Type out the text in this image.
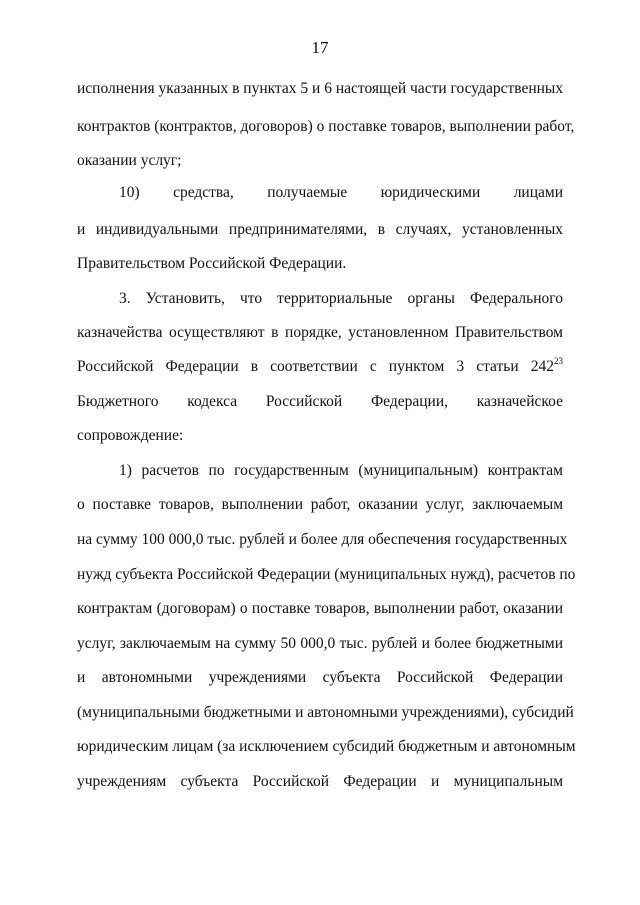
17
исполнения указанных в пунктах 5 и 6 настоящей части государственных
контрактов (контрактов, договоров) о поставке товаров, выполнении работ,
оказании услуг;
10) средства, получаемые юридическими лицами
и индивидуальными предпринимателями, в случаях, установленных
Правительством Российской Федерации.
3. Установить, что территориальные органы Федерального
казначейства осуществляют в порядке, установленном Правительством
Российской Федерации в соответствии с пунктом 3 статьи $242^{23}$
Бюджетного кодекса Российской Федерации, казначейское
сопровождение:
1) расчетов по государственным (муниципальным) контрактам
о поставке товаров, выполнении работ, оказании услуг, заключаемым
на сумму 100 000,0 тыс. рублей и более для обеспечения государственных
нужд субъекта Российской Федерации (муниципальных нужд), расчетов по
контрактам (договорам) о поставке товаров, выполнении работ, оказании
услуг, заключаемым на сумму 50 000,0 тыс. рублей и более бюджетными
и автономными учреждениями субъекта Российской Федерации
(муниципальными бюджетными и автономными учреждениями), субсидий
юридическим лицам (за исключением субсидий бюджетным и автономным
учреждениям субъекта Российской Федерации и муниципальным
